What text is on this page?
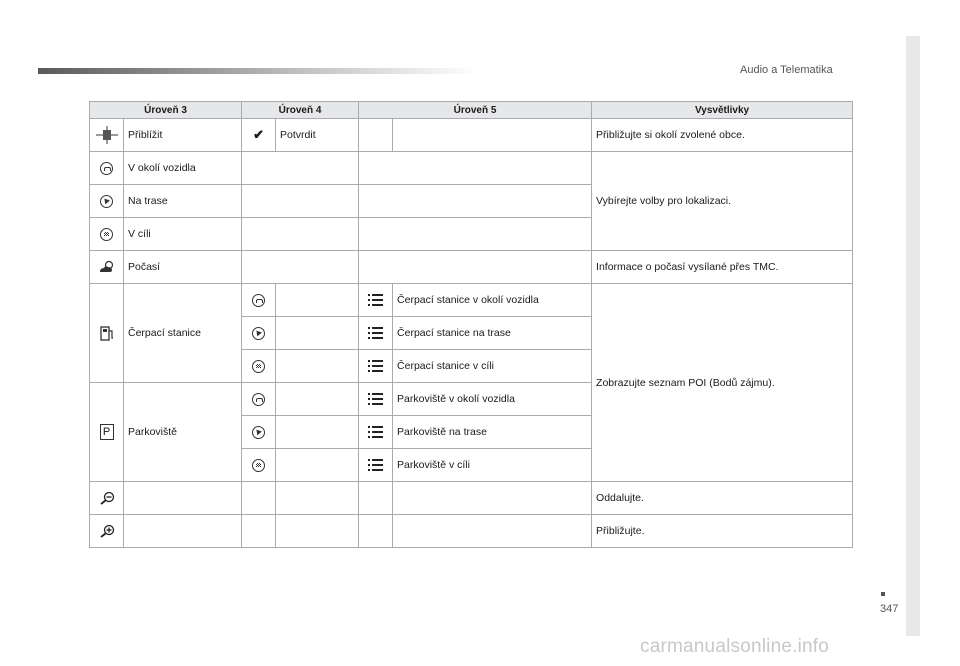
Audio a Telematika
347
carmanualsonline.info
Úroveň 3		Úroveň 4		Úroveň 5		Vysvětlivky
	Přiblížit	✔	Potvrdit			Přibližujte si okolí zvolené obce.

	V okolí vozidla					Vybírejte volby pro lokalizaci.

	Na trase					

	V cíli					
	Počasí					Informace o počasí vysílané přes TMC.
	Čerpací stanice				Čerpací stanice v okolí vozidla	Zobrazujte seznam POI (Bodů zájmu).

			Čerpací stanice na trase	

			Čerpací stanice v cíli	
P	Parkoviště				Parkoviště v okolí vozidla	

			Parkoviště na trase	

			Parkoviště v cíli	
						Oddalujte.
						Přibližujte.
